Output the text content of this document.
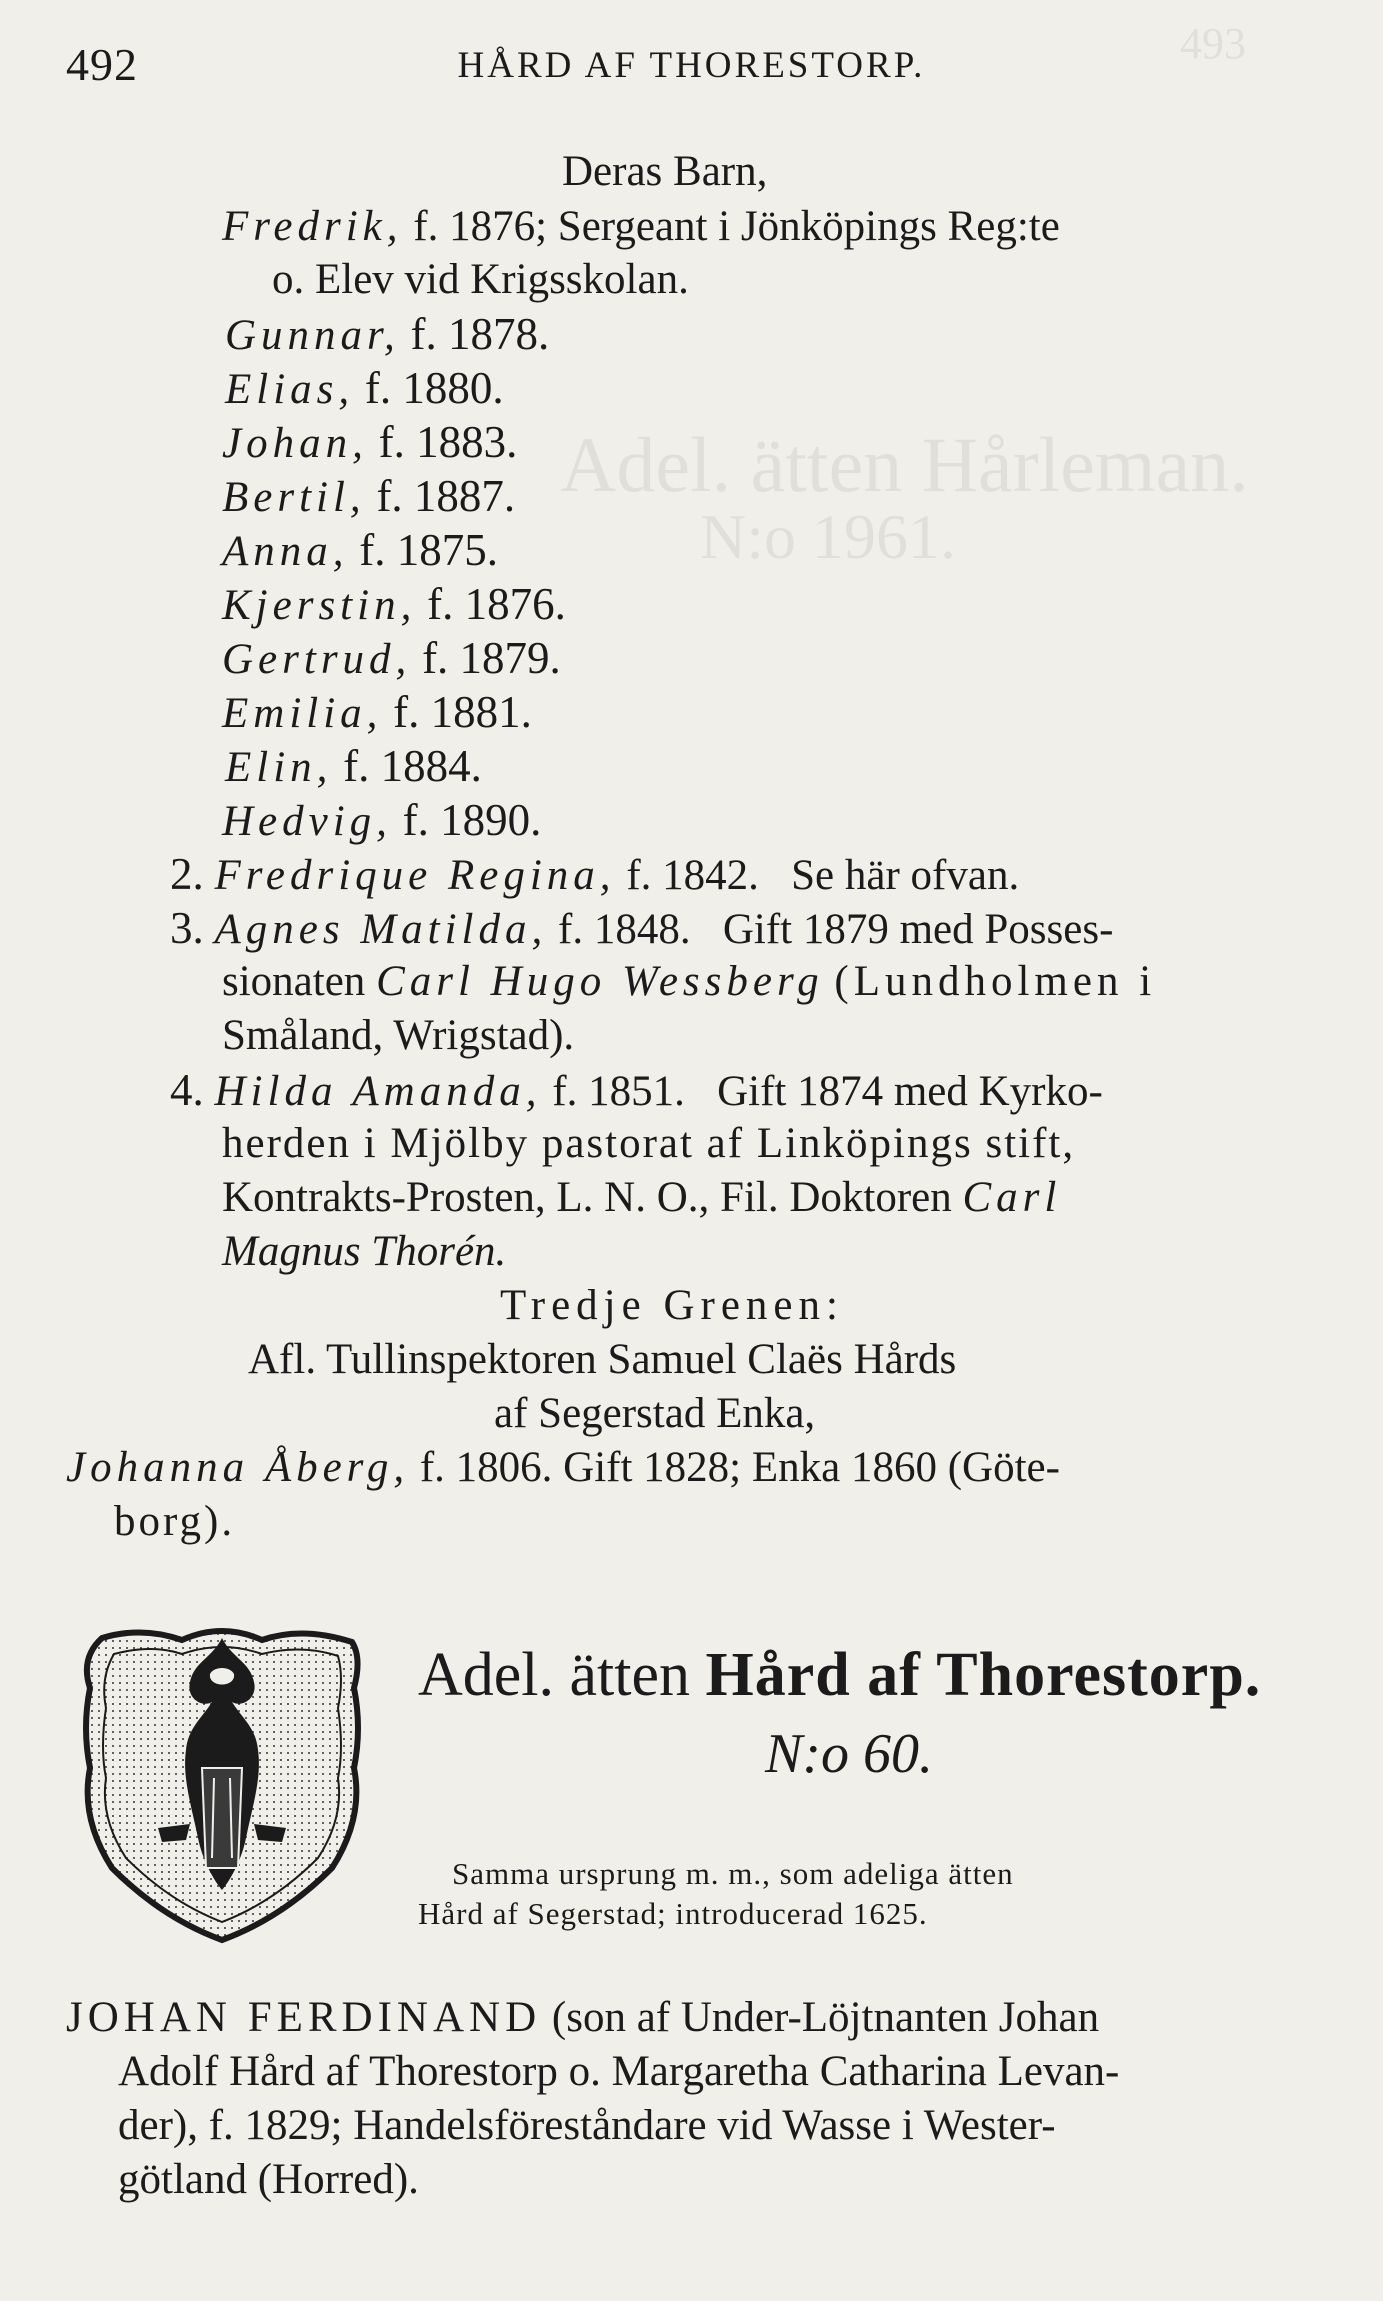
493
Adel. ätten Hårleman.
N:o 1961.
492	HÅRD AF THORESTORP.
Deras Barn,
Fredrik, f. 1876; Sergeant i Jönköpings Reg:te
o. Elev vid Krigsskolan.
Gunnar, f. 1878.
Elias, f. 1880.
Johan, f. 1883.
Bertil, f. 1887.
Anna, f. 1875.
Kjerstin, f. 1876.
Gertrud, f. 1879.
Emilia, f. 1881.
Elin, f. 1884.
Hedvig, f. 1890.
2. Fredrique Regina, f. 1842.   Se här ofvan.
3. Agnes Matilda, f. 1848.   Gift 1879 med Posses-
sionaten Carl Hugo Wessberg (Lundholmen i
Småland, Wrigstad).
4. Hilda Amanda, f. 1851.   Gift 1874 med Kyrko-
herden i Mjölby pastorat af Linköpings stift,
Kontrakts-Prosten, L. N. O., Fil. Doktoren Carl
Magnus Thorén.
Tredje Grenen:
Afl. Tullinspektoren Samuel Claës Hårds
af Segerstad Enka,
Johanna Åberg, f. 1806. Gift 1828; Enka 1860 (Göte-
borg).
Adel. ätten Hård af Thorestorp.
N:o 60.
Samma ursprung m. m., som adeliga ätten
Hård af Segerstad; introducerad 1625.
JOHAN FERDINAND (son af Under-Löjtnanten Johan
Adolf Hård af Thorestorp o. Margaretha Catharina Levan-
der), f. 1829; Handelsföreståndare vid Wasse i Wester-
götland (Horred).
